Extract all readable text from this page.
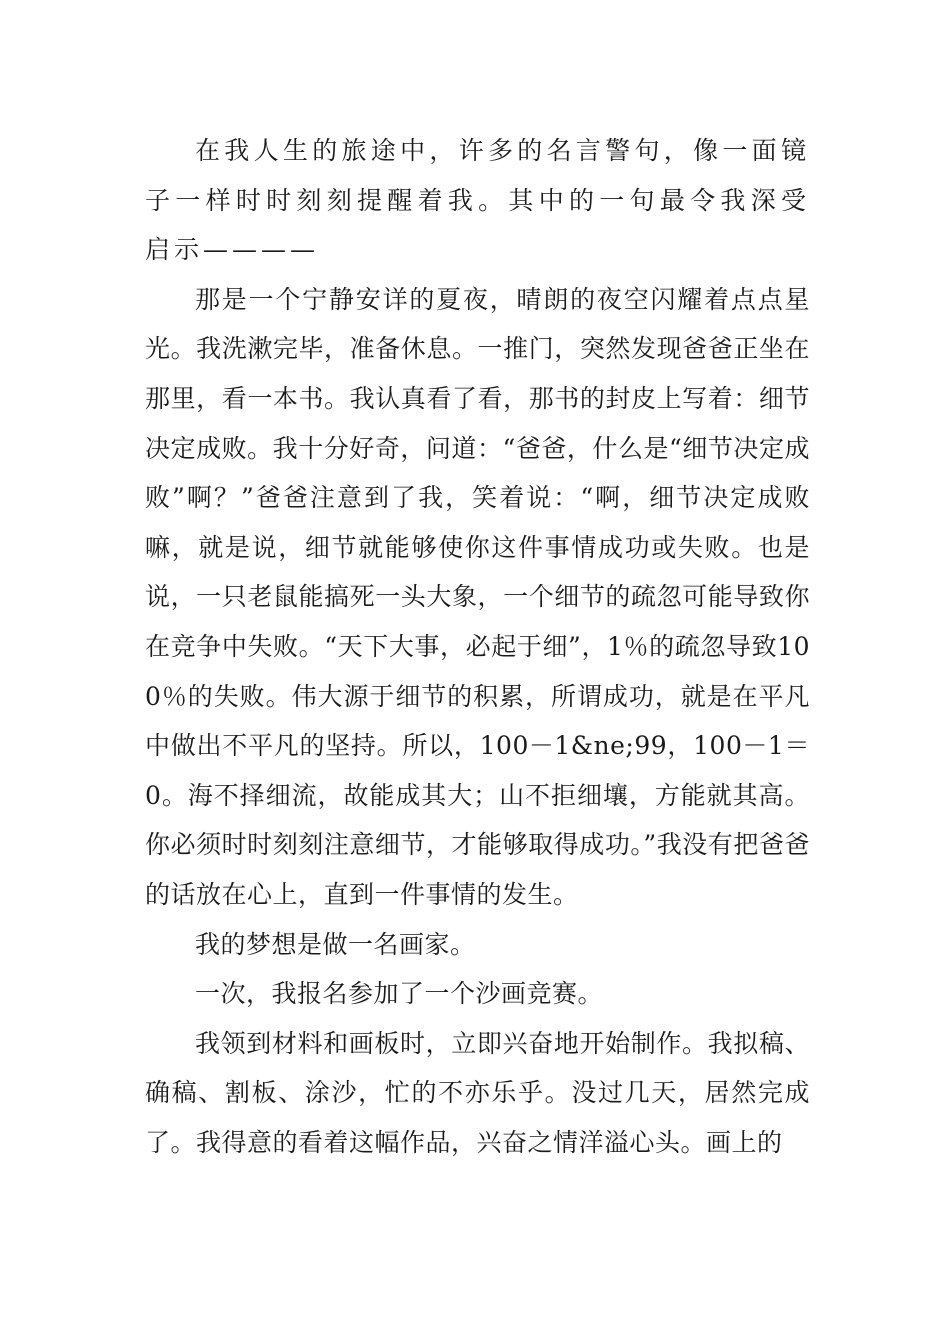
在我人生的旅途中，许多的名言警句，像一面镜子一样时时刻刻提醒着我。其中的一句最令我深受启示————

那是一个宁静安详的夏夜，晴朗的夜空闪耀着点点星光。我洗漱完毕，准备休息。一推门，突然发现爸爸正坐在那里，看一本书。我认真看了看，那书的封皮上写着：细节决定成败。我十分好奇，问道：“爸爸，什么是“细节决定成败”啊？”爸爸注意到了我，笑着说：“啊，细节决定成败嘛，就是说，细节就能够使你这件事情成功或失败。也是说，一只老鼠能搞死一头大象，一个细节的疏忽可能导致你在竞争中失败。“天下大事，必起于细”，1％的疏忽导致100％的失败。伟大源于细节的积累，所谓成功，就是在平凡中做出不平凡的坚持。所以，100－1&ne;99，100－1＝0。海不择细流，故能成其大；山不拒细壤，方能就其高。你必须时时刻刻注意细节，才能够取得成功。”我没有把爸爸的话放在心上，直到一件事情的发生。

我的梦想是做一名画家。

一次，我报名参加了一个沙画竞赛。

我领到材料和画板时，立即兴奋地开始制作。我拟稿、确稿、割板、涂沙，忙的不亦乐乎。没过几天，居然完成了。我得意的看着这幅作品，兴奋之情洋溢心头。画上的
